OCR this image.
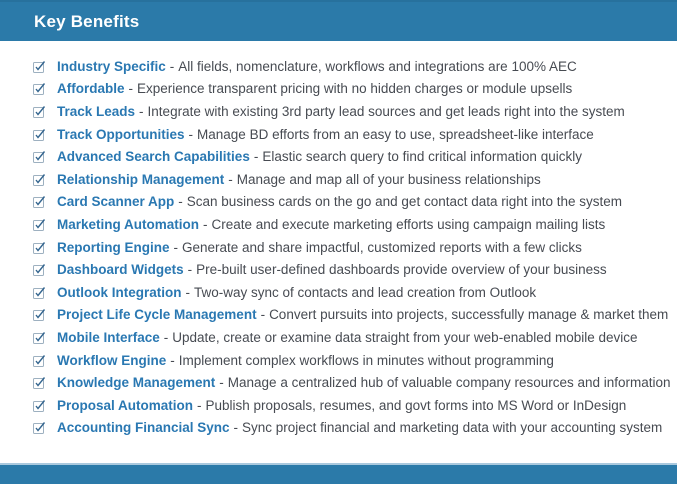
Key Benefits
Industry Specific - All fields, nomenclature, workflows and integrations are 100% AEC
Affordable - Experience transparent pricing with no hidden charges or module upsells
Track Leads - Integrate with existing 3rd party lead sources and get leads right into the system
Track Opportunities - Manage BD efforts from an easy to use, spreadsheet-like interface
Advanced Search Capabilities - Elastic search query to find critical information quickly
Relationship Management - Manage and map all of your business relationships
Card Scanner App - Scan business cards on the go and get contact data right into the system
Marketing Automation - Create and execute marketing efforts using campaign mailing lists
Reporting Engine - Generate and share impactful, customized reports with a few clicks
Dashboard Widgets - Pre-built user-defined dashboards provide overview of your business
Outlook Integration - Two-way sync of contacts and lead creation from Outlook
Project Life Cycle Management - Convert pursuits into projects, successfully manage & market them
Mobile Interface - Update, create or examine data straight from your web-enabled mobile device
Workflow Engine - Implement complex workflows in minutes without programming
Knowledge Management - Manage a centralized hub of valuable company resources and information
Proposal Automation - Publish proposals, resumes, and govt forms into MS Word or InDesign
Accounting Financial Sync - Sync project financial and marketing data with your accounting system
